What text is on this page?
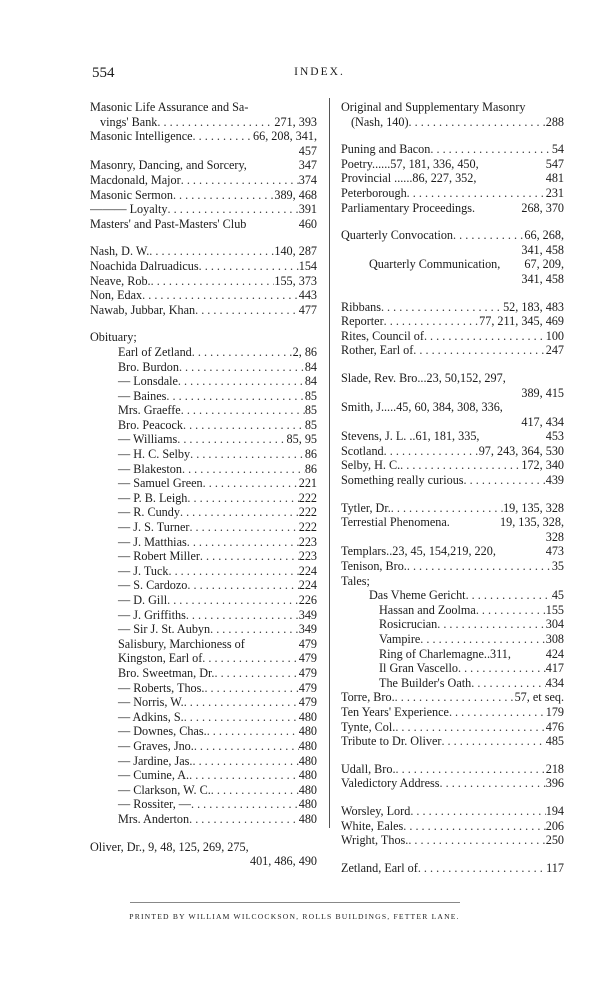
554	INDEX.
Masonic Life Assurance and Sa-
vings' Bank . . .	271, 393
Masonic Intelligence . . .	66, 208, 341,
457
Masonry, Dancing, and Sorcery,	347
Macdonald, Major . . .	374
Masonic Sermon . . .	389, 468
——— Loyalty . . .	391
Masters' and Past-Masters' Club	460
Nash, D. W. . . .	140, 287
Noachida Dalruadicus . . .	154
Neave, Rob. . . .	155, 373
Non, Edax . . .	443
Nawab, Jubbar, Khan . . .	477
Obituary;
Earl of Zetland . . .	2, 86
Bro. Burdon . . .	84
— Lonsdale . . .	84
— Baines . . .	85
Mrs. Graeffe . . .	85
Bro. Peacock . . .	85
— Williams . . .	85, 95
— H. C. Selby . . .	86
— Blakeston . . .	86
— Samuel Green . . .	221
— P. B. Leigh . . .	222
— R. Cundy . . .	222
— J. S. Turner . . .	222
— J. Matthias . . .	223
— Robert Miller . . .	223
— J. Tuck . . .	224
— S. Cardozo . . .	224
— D. Gill . . .	226
— J. Griffiths . . .	349
— Sir J. St. Aubyn . . .	349
Salisbury, Marchioness of	479
Kingston, Earl of . . .	479
Bro. Sweetman, Dr. . . .	479
— Roberts, Thos. . . .	479
— Norris, W. . . .	479
— Adkins, S. . . .	480
— Downes, Chas. . . .	480
— Graves, Jno. . . .	480
— Jardine, Jas. . . .	480
— Cumine, A. . . .	480
— Clarkson, W. C. . . .	480
— Rossiter, — . . .	480
Mrs. Anderton . . .	480
Oliver, Dr., 9, 48, 125, 269, 275,
401, 486, 490
Original and Supplementary Masonry
(Nash, 140) . . .	288
Puning and Bacon . . .	54
Poetry......57, 181, 336, 450,	547
Provincial ......86, 227, 352,	481
Peterborough . . .	231
Parliamentary Proceedings.	268, 370
Quarterly Convocation . . .	66, 268,
341, 458
Quarterly Communication, 67, 209,
341, 458
Ribbans . . .	52, 183, 483
Reporter . . .	77, 211, 345, 469
Rites, Council of . . .	100
Rother, Earl of . . .	247
Slade, Rev. Bro...23, 50,152, 297,
389, 415
Smith, J.....45, 60, 384, 308, 336,
417, 434
Stevens, J. L. ..61, 181, 335,	453
Scotland . . .	97, 243, 364, 530
Selby, H. C. . . .	172, 340
Something really curious . . .	439
Tytler, Dr. . . .	19, 135, 328
Terrestial Phenomena.	19, 135, 328,
328
Templars..23, 45, 154,219, 220,	473
Tenison, Bro. . . .	35
Tales;
Das Vheme Gericht . . .	45
Hassan and Zoolma . . .	155
Rosicrucian . . .	304
Vampire . . .	308
Ring of Charlemagne..311,	424
Il Gran Vascello . . .	417
The Builder's Oath . . .	434
Torre, Bro. . . .	57, et seq.
Ten Years' Experience . . .	179
Tynte, Col. . . .	476
Tribute to Dr. Oliver . . .	485
Udall, Bro. . . .	218
Valedictory Address . . .	396
Worsley, Lord . . .	194
White, Eales . . .	206
Wright, Thos. . . .	250
Zetland, Earl of . . .	117
PRINTED BY WILLIAM WILCOCKSON, ROLLS BUILDINGS, FETTER LANE.
